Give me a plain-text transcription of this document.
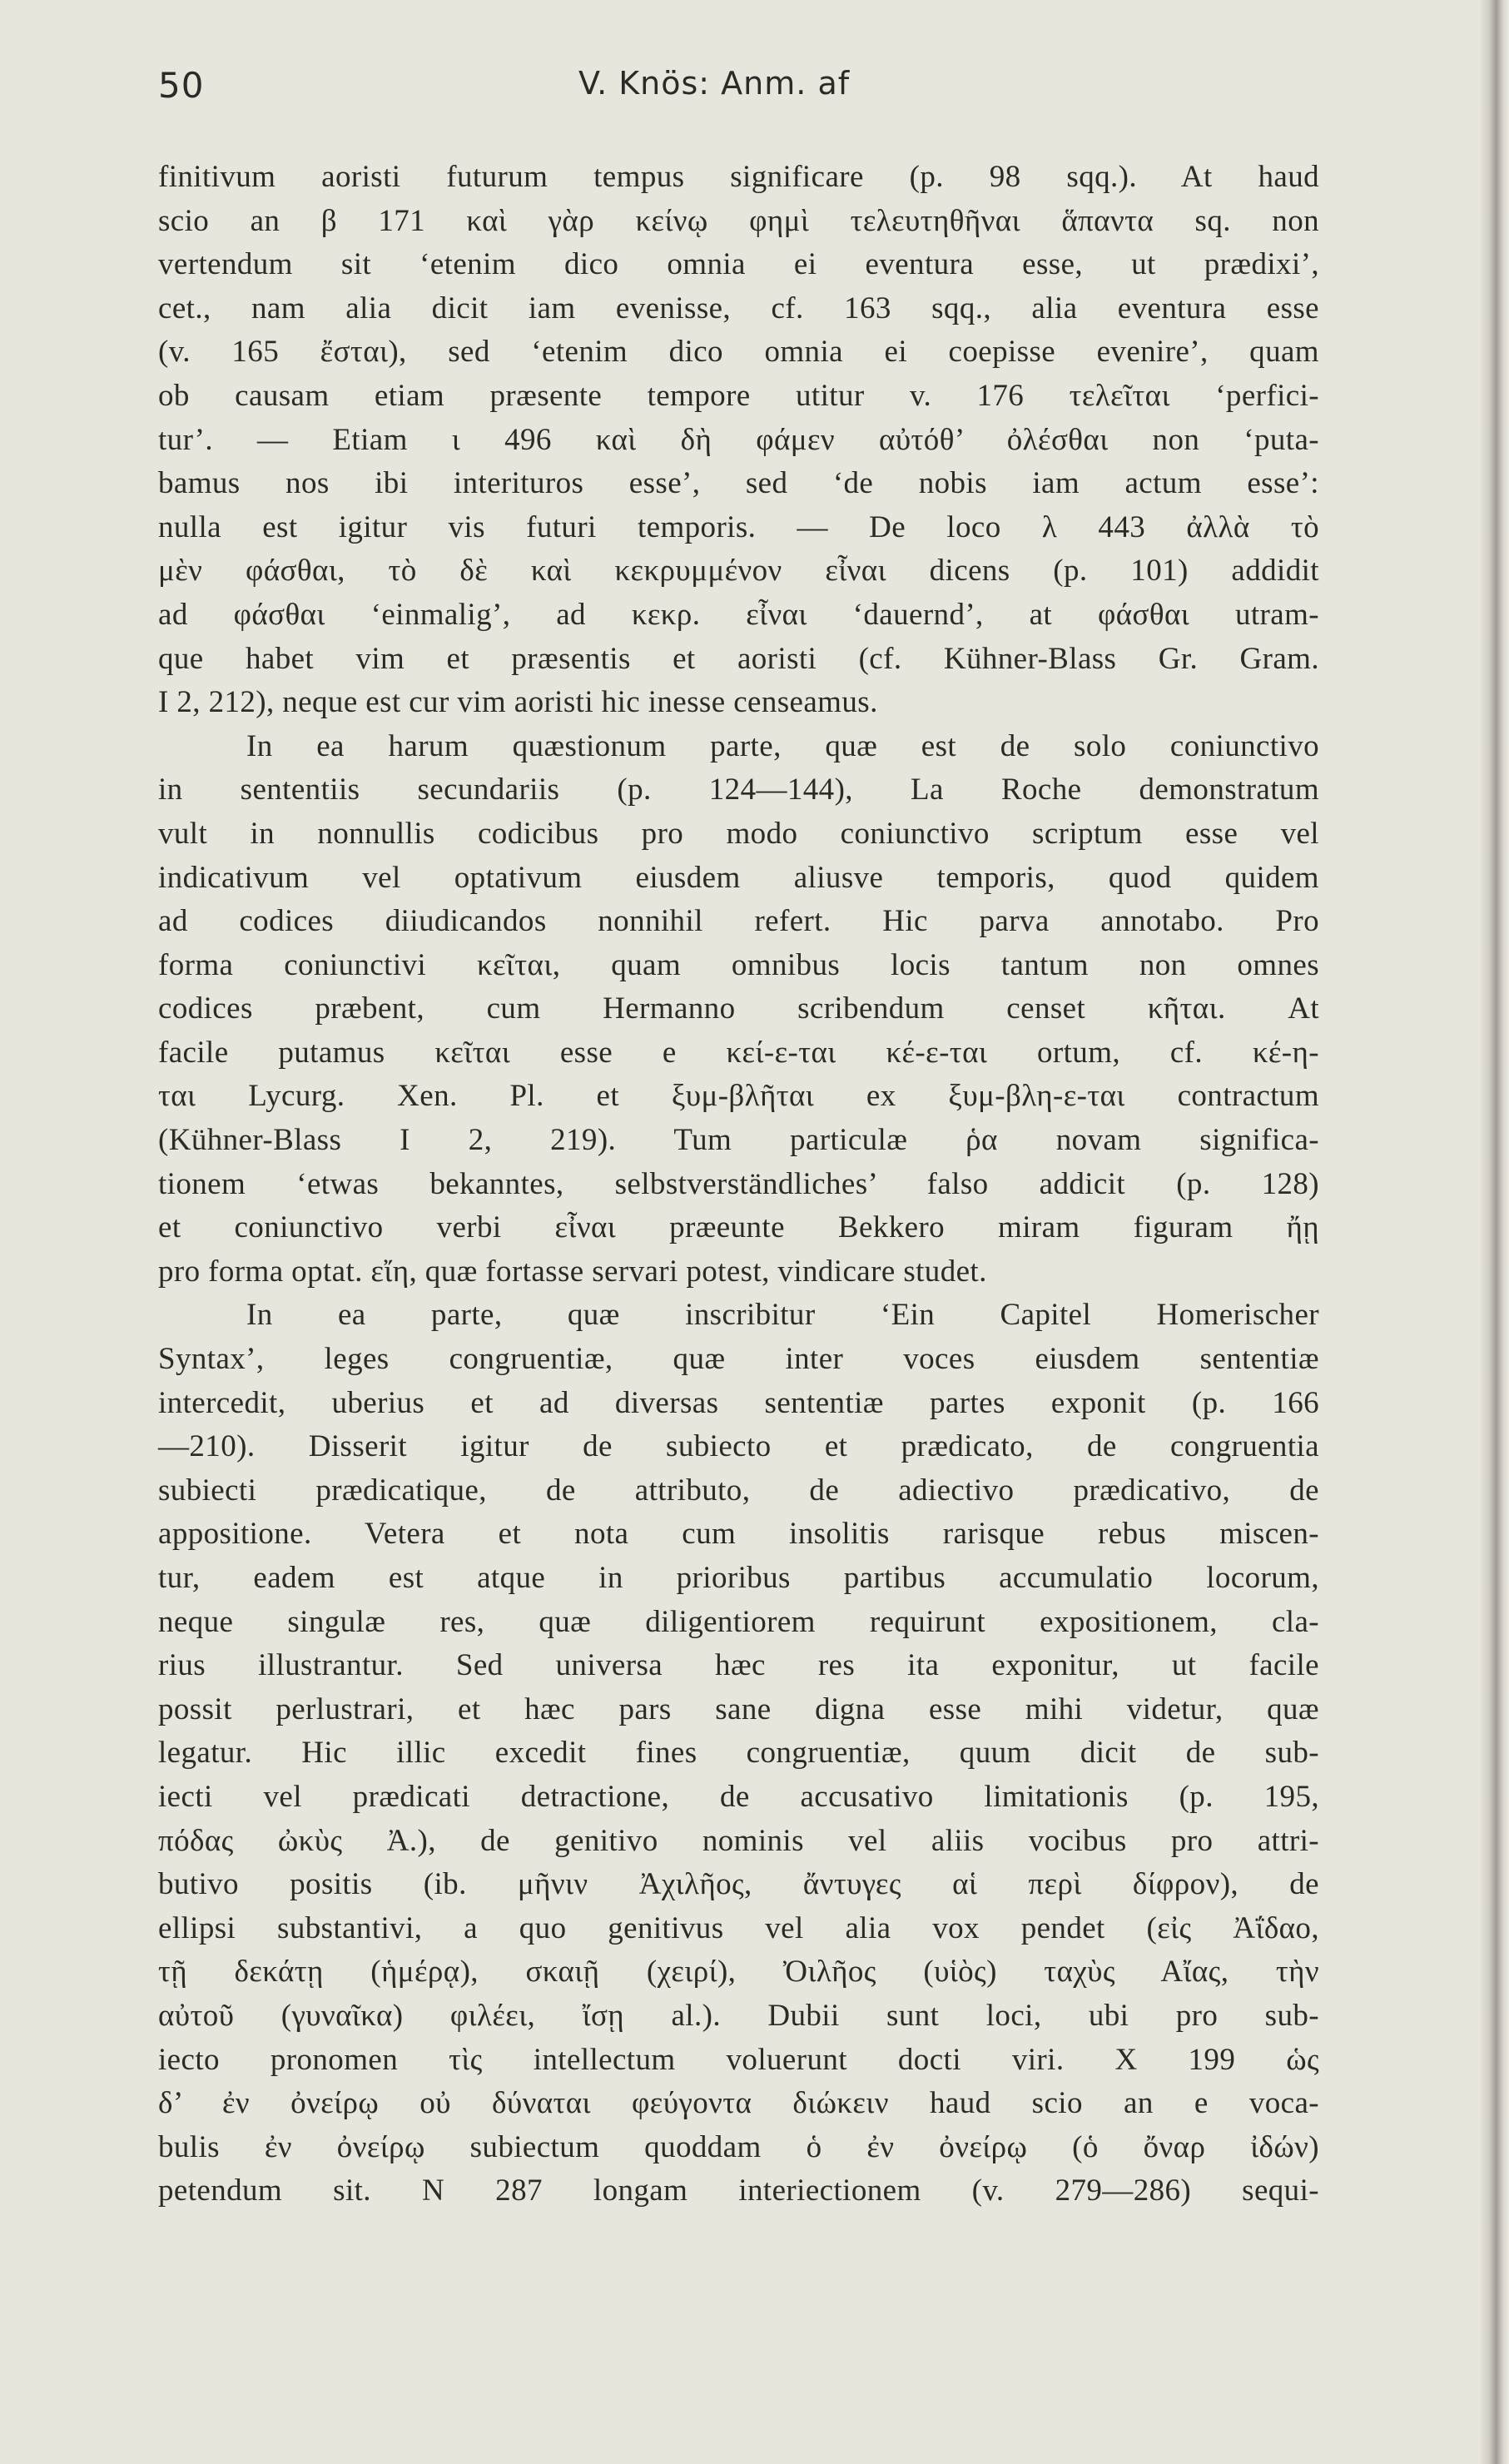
50	V. Knös: Anm. af
finitivum aoristi futurum tempus significare (p. 98 sqq.). At haud
scio an β 171 καὶ γὰρ κείνῳ φημὶ τελευτηθῆναι ἅπαντα sq. non
vertendum sit ‘etenim dico omnia ei eventura esse, ut prædixi’,
cet., nam alia dicit iam evenisse, cf. 163 sqq., alia eventura esse
(v. 165 ἔσται), sed ‘etenim dico omnia ei coepisse evenire’, quam
ob causam etiam præsente tempore utitur v. 176 τελεῖται ‘perfici-
tur’. — Etiam ι 496 καὶ δὴ φάμεν αὐτόθ’ ὀλέσθαι non ‘puta-
bamus nos ibi interituros esse’, sed ‘de nobis iam actum esse’:
nulla est igitur vis futuri temporis. — De loco λ 443 ἀλλὰ τὸ
μὲν φάσθαι, τὸ δὲ καὶ κεκρυμμένον εἶναι dicens (p. 101) addidit
ad φάσθαι ‘einmalig’, ad κεκρ. εἶναι ‘dauernd’, at φάσθαι utram-
que habet vim et præsentis et aoristi (cf. Kühner-Blass Gr. Gram.
I 2, 212), neque est cur vim aoristi hic inesse censeamus.
In ea harum quæstionum parte, quæ est de solo coniunctivo
in sententiis secundariis (p. 124—144), La Roche demonstratum
vult in nonnullis codicibus pro modo coniunctivo scriptum esse vel
indicativum vel optativum eiusdem aliusve temporis, quod quidem
ad codices diiudicandos nonnihil refert. Hic parva annotabo. Pro
forma coniunctivi κεῖται, quam omnibus locis tantum non omnes
codices præbent, cum Hermanno scribendum censet κῆται. At
facile putamus κεῖται esse e κεί-ε-ται κέ-ε-ται ortum, cf. κέ-η-
ται Lycurg. Xen. Pl. et ξυμ-βλῆται ex ξυμ-βλη-ε-ται contractum
(Kühner-Blass I 2, 219). Tum particulæ ῥα novam significa-
tionem ‘etwas bekanntes, selbstverständliches’ falso addicit (p. 128)
et coniunctivo verbi εἶναι præeunte Bekkero miram figuram ἤῃ
pro forma optat. εἴη, quæ fortasse servari potest, vindicare studet.
In ea parte, quæ inscribitur ‘Ein Capitel Homerischer
Syntax’, leges congruentiæ, quæ inter voces eiusdem sententiæ
intercedit, uberius et ad diversas sententiæ partes exponit (p. 166
—210). Disserit igitur de subiecto et prædicato, de congruentia
subiecti prædicatique, de attributo, de adiectivo prædicativo, de
appositione. Vetera et nota cum insolitis rarisque rebus miscen-
tur, eadem est atque in prioribus partibus accumulatio locorum,
neque singulæ res, quæ diligentiorem requirunt expositionem, cla-
rius illustrantur. Sed universa hæc res ita exponitur, ut facile
possit perlustrari, et hæc pars sane digna esse mihi videtur, quæ
legatur. Hic illic excedit fines congruentiæ, quum dicit de sub-
iecti vel prædicati detractione, de accusativo limitationis (p. 195,
πόδας ὠκὺς Ἀ.), de genitivo nominis vel aliis vocibus pro attri-
butivo positis (ib. μῆνιν Ἀχιλῆος, ἄντυγες αἱ περὶ δίφρον), de
ellipsi substantivi, a quo genitivus vel alia vox pendet (εἰς Ἀΐδαο,
τῇ δεκάτῃ (ἡμέρᾳ), σκαιῇ (χειρί), Ὀιλῆος (υἱὸς) ταχὺς Αἴας, τὴν
αὐτοῦ (γυναῖκα) φιλέει, ἴσῃ al.). Dubii sunt loci, ubi pro sub-
iecto pronomen τὶς intellectum voluerunt docti viri. Χ 199 ὡς
δ’ ἐν ὀνείρῳ οὐ δύναται φεύγοντα διώκειν haud scio an e voca-
bulis ἐν ὀνείρῳ subiectum quoddam ὁ ἐν ὀνείρῳ (ὁ ὄναρ ἰδών)
petendum sit. Ν 287 longam interiectionem (v. 279—286) sequi-
